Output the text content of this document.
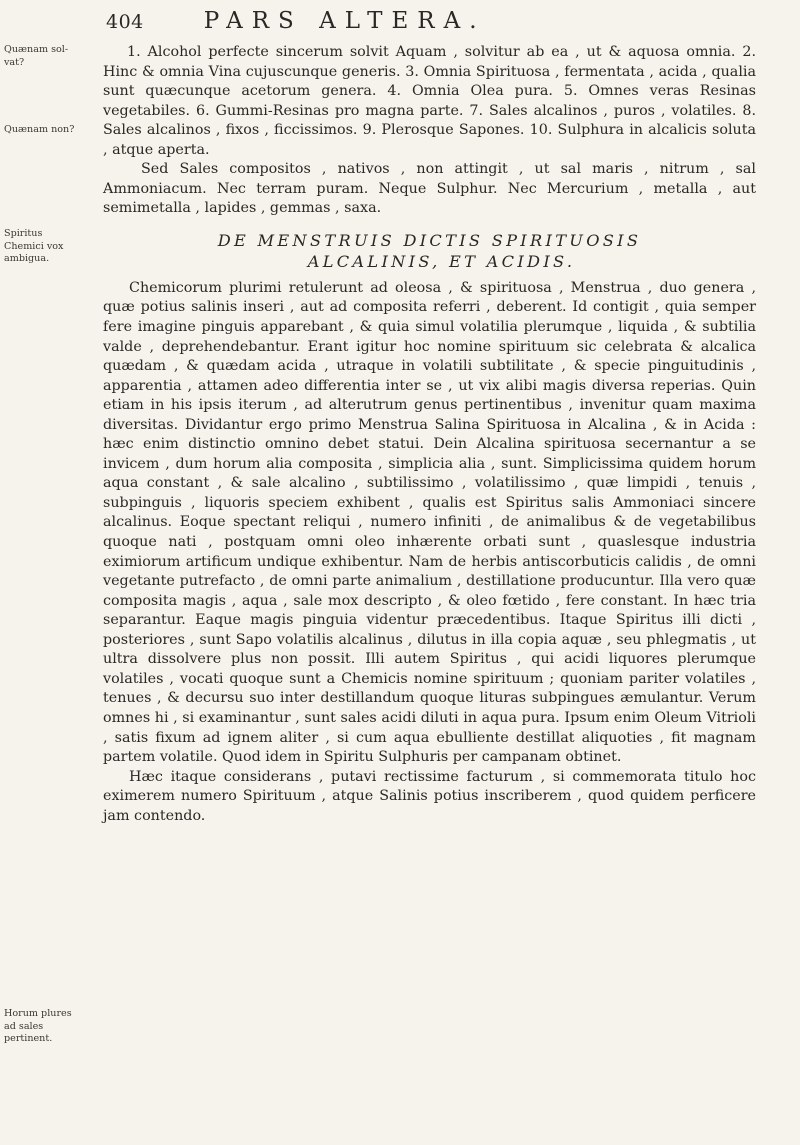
404	PARS ALTERA.
Quænam sol-vat?
Quænam non?
Spiritus Chemici vox ambigua.
Horum plures ad sales pertinent.

1. Alcohol perfecte sincerum solvit Aquam , solvitur ab ea , ut & aquosa omnia. 2. Hinc & omnia Vina cujuscunque generis. 3. Omnia Spirituosa , fermentata , acida , qualia sunt quæcunque acetorum genera. 4. Omnia Olea pura. 5. Omnes veras Resinas vegetabiles. 6. Gummi-Resinas pro magna parte. 7. Sales alcalinos , puros , volatiles. 8. Sales alcalinos , fixos , ficcissimos. 9. Plerosque Sapones. 10. Sulphura in alcalicis soluta , atque aperta.

Sed Sales compositos , nativos , non attingit , ut sal maris , nitrum , sal Ammoniacum. Nec terram puram. Neque Sulphur. Nec Mercurium , metalla , aut semimetalla , lapides , gemmas , saxa.

DE MENSTRUIS DICTIS SPIRITUOSIS
ALCALINIS, ET ACIDIS.

Chemicorum plurimi retulerunt ad oleosa , & spirituosa , Menstrua , duo genera , quæ potius salinis inseri , aut ad composita referri , deberent. Id contigit , quia semper fere imagine pinguis apparebant , & quia simul volatilia plerumque , liquida , & subtilia valde , deprehendebantur. Erant igitur hoc nomine spirituum sic celebrata & alcalica quædam , & quædam acida , utraque in volatili subtilitate , & specie pinguitudinis , apparentia , attamen adeo differentia inter se , ut vix alibi magis diversa reperias. Quin etiam in his ipsis iterum , ad alterutrum genus pertinentibus , invenitur quam maxima diversitas. Dividantur ergo primo Menstrua Salina Spirituosa in Alcalina , & in Acida : hæc enim distinctio omnino debet statui. Dein Alcalina spirituosa secernantur a se invicem , dum horum alia composita , simplicia alia , sunt. Simplicissima quidem horum aqua constant , & sale alcalino , subtilissimo , volatilissimo , quæ limpidi , tenuis , subpinguis , liquoris speciem exhibent , qualis est Spiritus salis Ammoniaci sincere alcalinus. Eoque spectant reliqui , numero infiniti , de animalibus & de vegetabilibus quoque nati , postquam omni oleo inhærente orbati sunt , quaslesque industria eximiorum artificum undique exhibentur. Nam de herbis antiscorbuticis calidis , de omni vegetante putrefacto , de omni parte animalium , destillatione producuntur. Illa vero quæ composita magis , aqua , sale mox descripto , & oleo fœtido , fere constant. In hæc tria separantur. Eaque magis pinguia videntur præcedentibus. Itaque Spiritus illi dicti , posteriores , sunt Sapo volatilis alcalinus , dilutus in illa copia aquæ , seu phlegmatis , ut ultra dissolvere plus non possit. Illi autem Spiritus , qui acidi liquores plerumque volatiles , vocati quoque sunt a Chemicis nomine spirituum ; quoniam pariter volatiles , tenues , & decursu suo inter destillandum quoque lituras subpingues æmulantur. Verum omnes hi , si examinantur , sunt sales acidi diluti in aqua pura. Ipsum enim Oleum Vitrioli , satis fixum ad ignem aliter , si cum aqua ebulliente destillat aliquoties , fit magnam partem volatile. Quod idem in Spiritu Sulphuris per campanam obtinet.

Hæc itaque considerans , putavi rectissime facturum , si commemorata titulo hoc eximerem numero Spirituum , atque Salinis potius inscriberem , quod quidem perficere jam contendo.
